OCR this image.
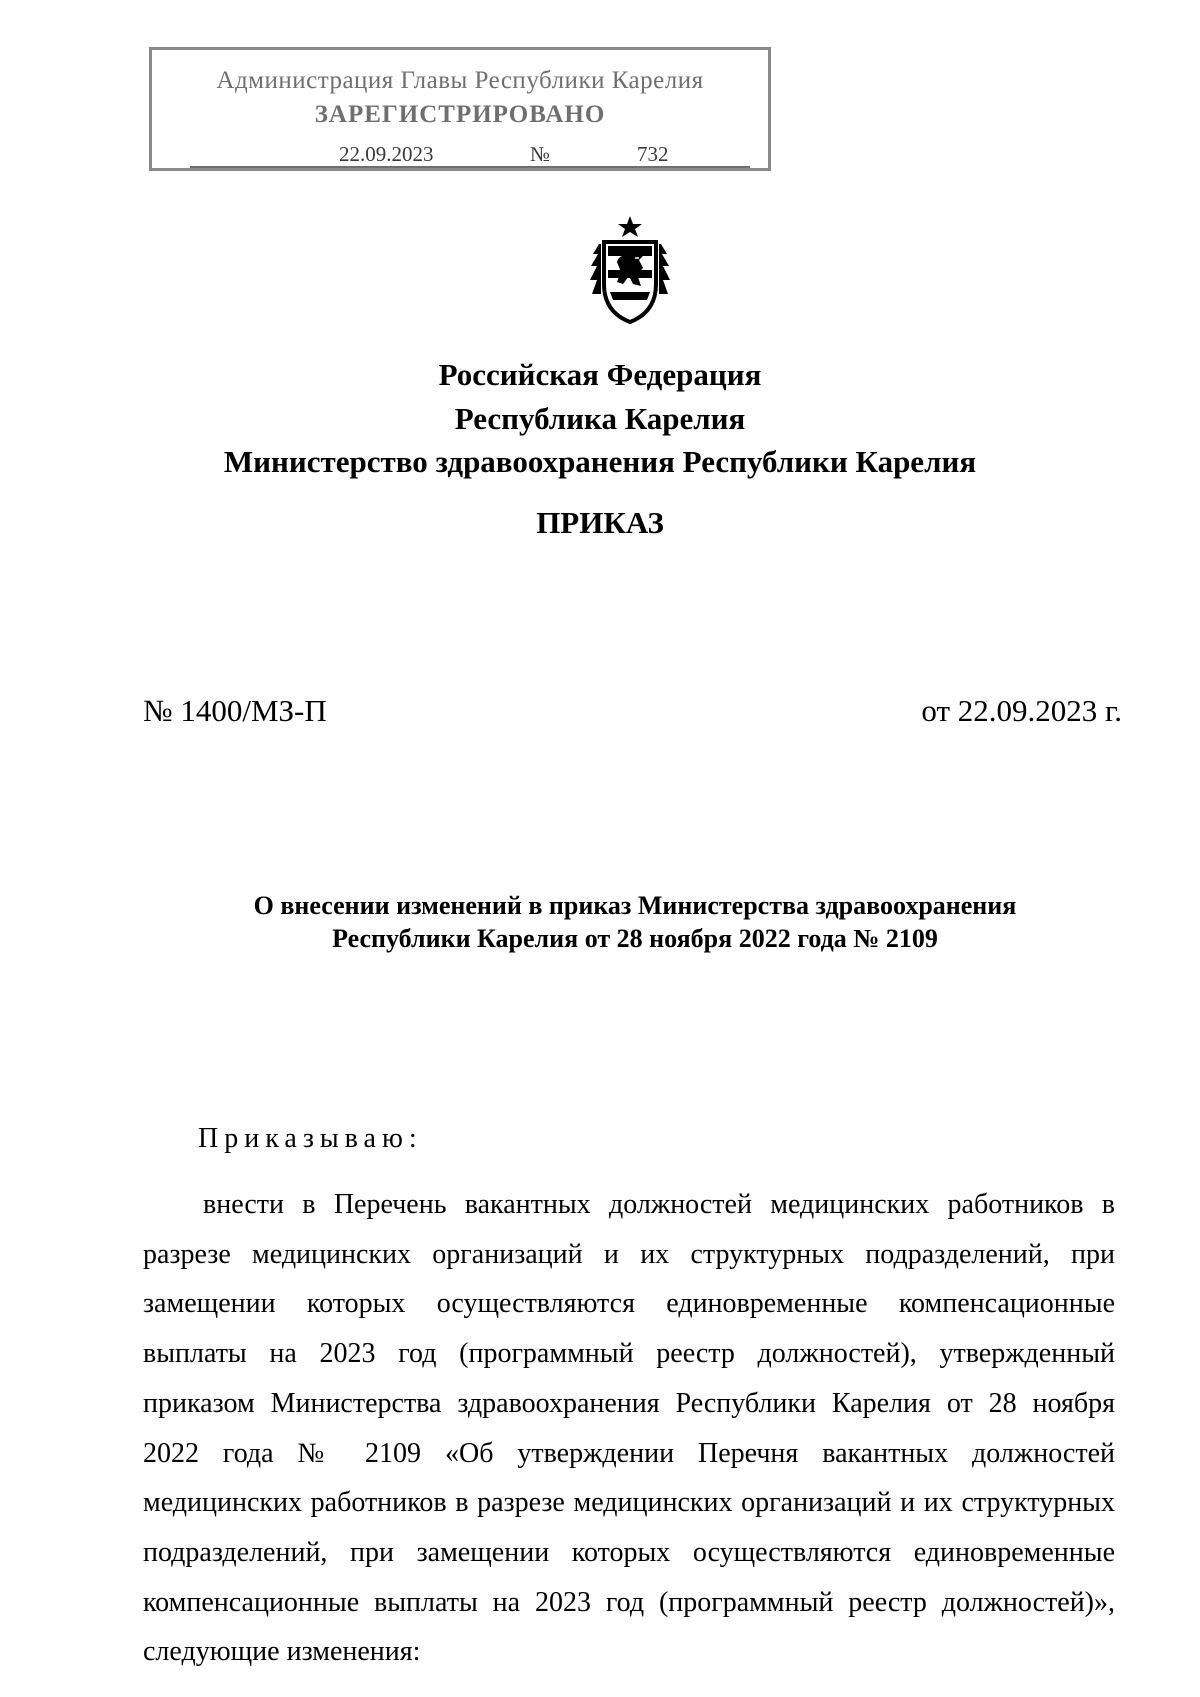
Администрация Главы Республики Карелия
ЗАРЕГИСТРИРОВАНО
22.09.2023	№	732
Российская Федерация
Республика Карелия
Министерство здравоохранения Республики Карелия
ПРИКАЗ
№ 1400/МЗ-П	от 22.09.2023 г.
О внесении изменений в приказ Министерства здравоохранения
Республики Карелия от 28 ноября 2022 года № 2109
Приказываю:

внести в Перечень вакантных должностей медицинских работников в разрезе медицинских организаций и их структурных подразделений, при замещении которых осуществляются единовременные компенсационные выплаты на 2023 год (программный реестр должностей), утвержденный приказом Министерства здравоохранения Республики Карелия от 28 ноября 2022 года № 2109 «Об утверждении Перечня вакантных должностей медицинских работников в разрезе медицинских организаций и их структурных подразделений, при замещении которых осуществляются единовременные компенсационные выплаты на 2023 год (программный реестр должностей)», следующие изменения:
